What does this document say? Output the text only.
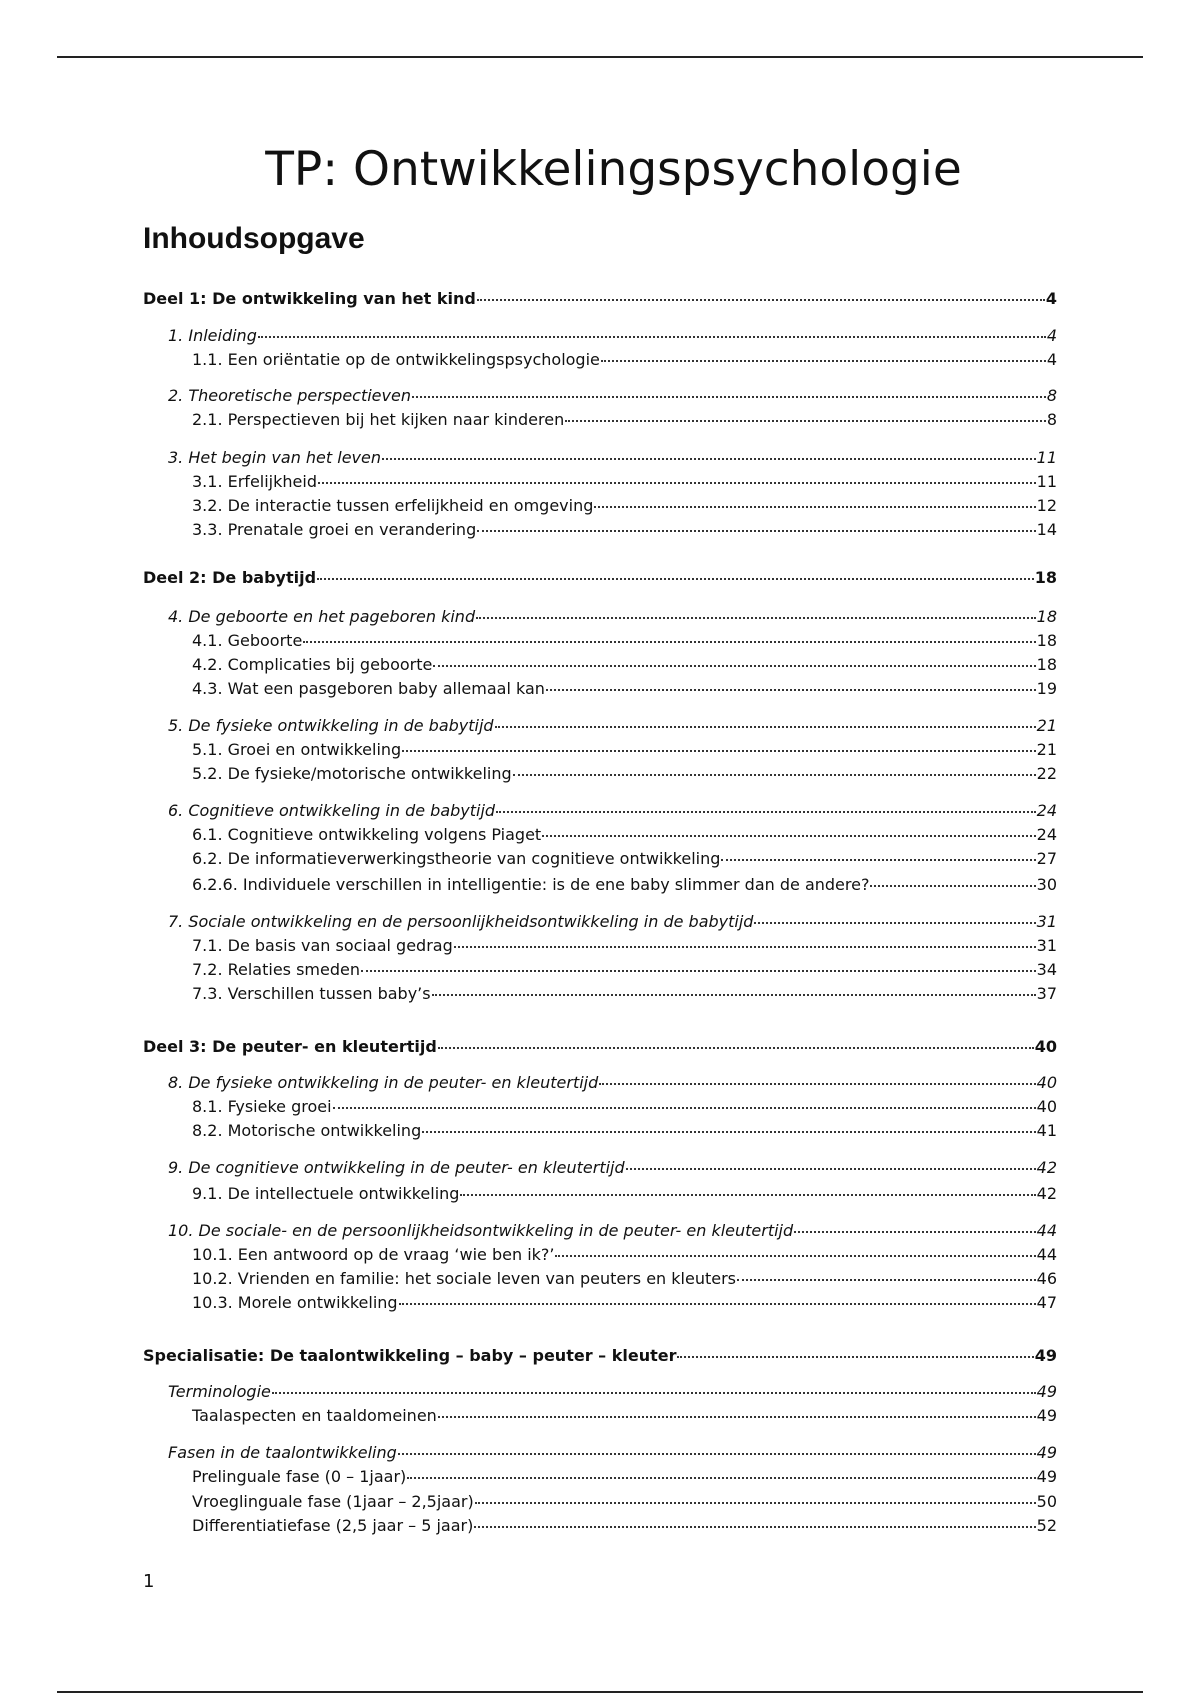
TP: Ontwikkelingspsychologie
Inhoudsopgave
Deel 1: De ontwikkeling van het kind	4
1. Inleiding	4
1.1. Een oriëntatie op de ontwikkelingspsychologie	4
2. Theoretische perspectieven	8
2.1. Perspectieven bij het kijken naar kinderen	8
3. Het begin van het leven	11
3.1. Erfelijkheid	11
3.2. De interactie tussen erfelijkheid en omgeving	12
3.3. Prenatale groei en verandering	14
Deel 2: De babytijd	18
4. De geboorte en het pageboren kind	18
4.1. Geboorte	18
4.2. Complicaties bij geboorte	18
4.3. Wat een pasgeboren baby allemaal kan	19
5. De fysieke ontwikkeling in de babytijd	21
5.1. Groei en ontwikkeling	21
5.2. De fysieke/motorische ontwikkeling	22
6. Cognitieve ontwikkeling in de babytijd	24
6.1. Cognitieve ontwikkeling volgens Piaget	24
6.2. De informatieverwerkingstheorie van cognitieve ontwikkeling	27
6.2.6. Individuele verschillen in intelligentie: is de ene baby slimmer dan de andere?	30
7. Sociale ontwikkeling en de persoonlijkheidsontwikkeling in de babytijd	31
7.1. De basis van sociaal gedrag	31
7.2. Relaties smeden	34
7.3. Verschillen tussen baby’s	37
Deel 3: De peuter- en kleutertijd	40
8. De fysieke ontwikkeling in de peuter- en kleutertijd	40
8.1. Fysieke groei	40
8.2. Motorische ontwikkeling	41
9. De cognitieve ontwikkeling in de peuter- en kleutertijd	42
9.1. De intellectuele ontwikkeling	42
10. De sociale- en de persoonlijkheidsontwikkeling in de peuter- en kleutertijd	44
10.1. Een antwoord op de vraag ‘wie ben ik?’	44
10.2. Vrienden en familie: het sociale leven van peuters en kleuters	46
10.3. Morele ontwikkeling	47
Specialisatie: De taalontwikkeling – baby – peuter – kleuter	49
Terminologie	49
Taalaspecten en taaldomeinen	49
Fasen in de taalontwikkeling	49
Prelinguale fase (0 – 1jaar)	49
Vroeglinguale fase (1jaar – 2,5jaar)	50
Differentiatiefase (2,5 jaar – 5 jaar)	52
1
